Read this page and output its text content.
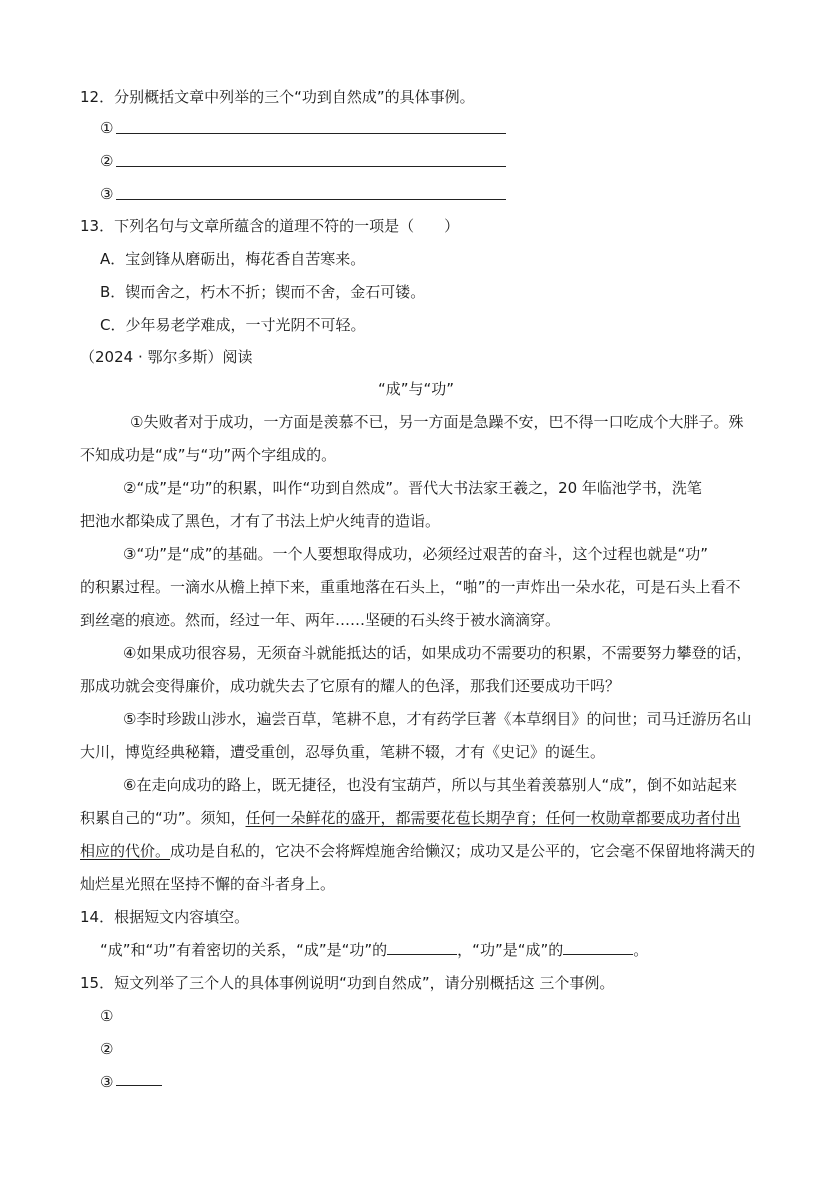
12．分别概括文章中列举的三个“功到自然成”的具体事例。
①
②
③
13．下列名句与文章所蕴含的道理不符的一项是（　　）
A．宝剑锋从磨砺出，梅花香自苦寒来。
B．锲而舍之，朽木不折；锲而不舍，金石可镂。
C．少年易老学难成，一寸光阴不可轻。
（2024 · 鄂尔多斯）阅读
“成”与“功”
①失败者对于成功，一方面是羡慕不已，另一方面是急躁不安，巴不得一口吃成个大胖子。殊
不知成功是“成”与“功”两个字组成的。
②“成”是“功”的积累，叫作“功到自然成”。晋代大书法家王羲之，20 年临池学书，洗笔
把池水都染成了黑色，才有了书法上炉火纯青的造诣。
③“功”是“成”的基础。一个人要想取得成功，必须经过艰苦的奋斗，这个过程也就是“功”
的积累过程。一滴水从檐上掉下来，重重地落在石头上，“啪”的一声炸出一朵水花，可是石头上看不
到丝毫的痕迹。然而，经过一年、两年……坚硬的石头终于被水滴滴穿。
④如果成功很容易，无须奋斗就能抵达的话，如果成功不需要功的积累，不需要努力攀登的话，
那成功就会变得廉价，成功就失去了它原有的耀人的色泽，那我们还要成功干吗？
⑤李时珍跋山涉水，遍尝百草，笔耕不息，才有药学巨著《本草纲目》的问世；司马迁游历名山
大川，博览经典秘籍，遭受重创，忍辱负重，笔耕不辍，才有《史记》的诞生。
⑥在走向成功的路上，既无捷径，也没有宝葫芦，所以与其坐着羡慕别人“成”，倒不如站起来
积累自己的“功”。须知，任何一朵鲜花的盛开，都需要花苞长期孕育；任何一枚勋章都要成功者付出
相应的代价。成功是自私的，它决不会将辉煌施舍给懒汉；成功又是公平的，它会毫不保留地将满天的
灿烂星光照在坚持不懈的奋斗者身上。
14．根据短文内容填空。
“成”和“功”有着密切的关系，“成”是“功”的	，“功”是“成”的	。
15．短文列举了三个人的具体事例说明“功到自然成”，请分别概括这 三个事例。
①
②
③
